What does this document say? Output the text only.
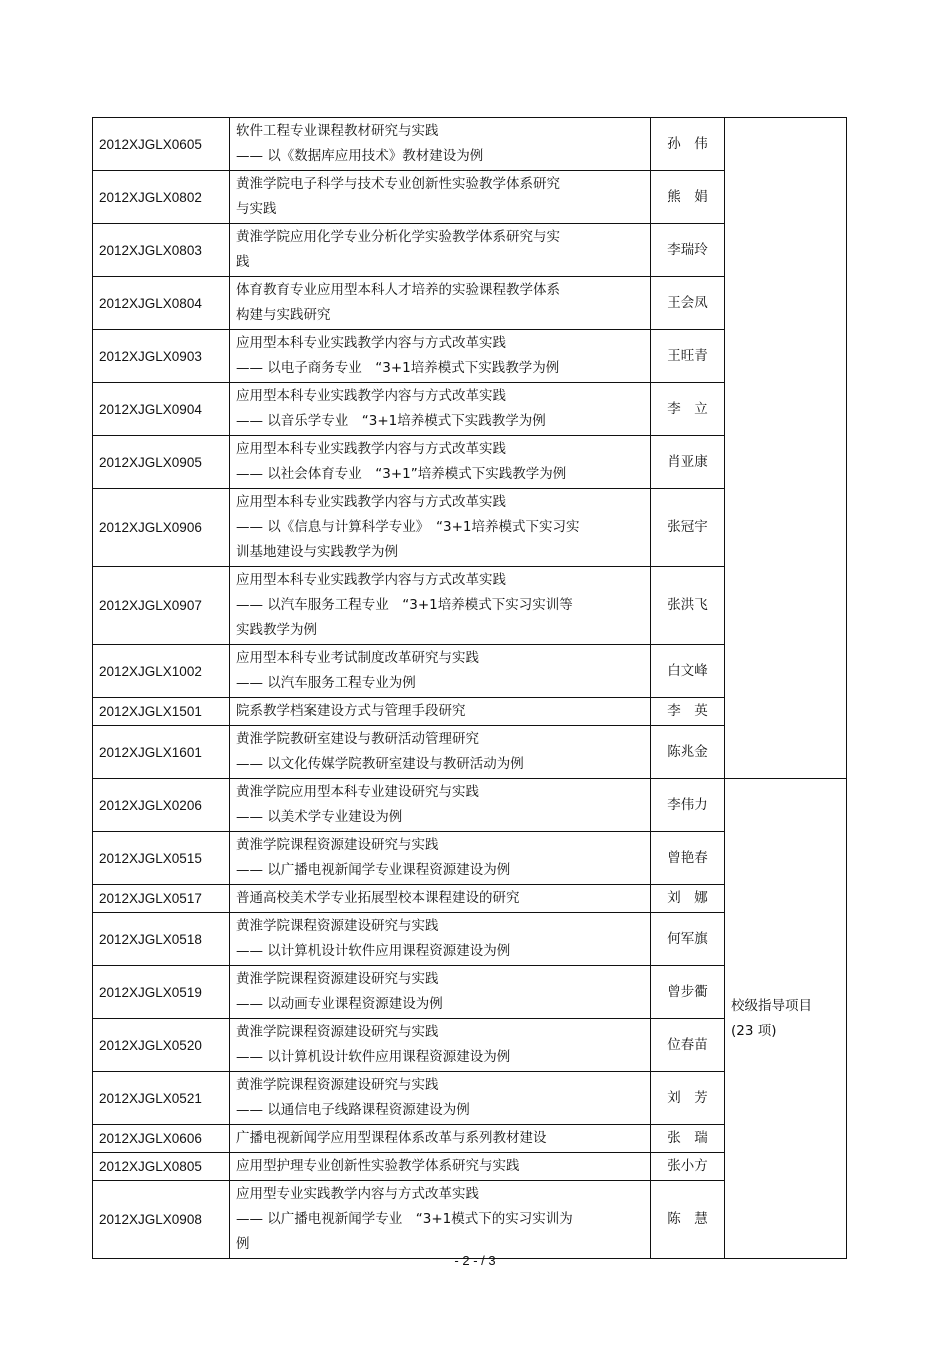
2012XJGLX0605	软件工程专业课程教材研究与实践
—— 以《数据库应用技术》教材建设为例	孙　伟	
2012XJGLX0802	黄淮学院电子科学与技术专业创新性实验教学体系研究
与实践	熊　娟	
2012XJGLX0803	黄淮学院应用化学专业分析化学实验教学体系研究与实
践	李瑞玲	
2012XJGLX0804	体育教育专业应用型本科人才培养的实验课程教学体系
构建与实践研究	王会凤	
2012XJGLX0903	应用型本科专业实践教学内容与方式改革实践
—— 以电子商务专业　“3+1培养模式下实践教学为例	王旺青	
2012XJGLX0904	应用型本科专业实践教学内容与方式改革实践
—— 以音乐学专业　“3+1培养模式下实践教学为例	李　立	
2012XJGLX0905	应用型本科专业实践教学内容与方式改革实践
—— 以社会体育专业　“3+1”培养模式下实践教学为例	肖亚康	
2012XJGLX0906	应用型本科专业实践教学内容与方式改革实践
—— 以《信息与计算科学专业》　“3+1培养模式下实习实
训基地建设与实践教学为例	张冠宇	
2012XJGLX0907	应用型本科专业实践教学内容与方式改革实践
—— 以汽车服务工程专业　“3+1培养模式下实习实训等
实践教学为例	张洪飞	
2012XJGLX1002	应用型本科专业考试制度改革研究与实践
—— 以汽车服务工程专业为例	白文峰	
2012XJGLX1501	院系教学档案建设方式与管理手段研究	李　英	
2012XJGLX1601	黄淮学院教研室建设与教研活动管理研究
—— 以文化传媒学院教研室建设与教研活动为例	陈兆金	
2012XJGLX0206	黄淮学院应用型本科专业建设研究与实践
—— 以美术学专业建设为例	李伟力	校级指导项目
(23 项)

2012XJGLX0515	黄淮学院课程资源建设研究与实践
—— 以广播电视新闻学专业课程资源建设为例	曾艳春	
2012XJGLX0517	普通高校美术学专业拓展型校本课程建设的研究	刘　娜	
2012XJGLX0518	黄淮学院课程资源建设研究与实践
—— 以计算机设计软件应用课程资源建设为例	何军旗	
2012XJGLX0519	黄淮学院课程资源建设研究与实践
—— 以动画专业课程资源建设为例	曾步衢	
2012XJGLX0520	黄淮学院课程资源建设研究与实践
—— 以计算机设计软件应用课程资源建设为例	位春苗	
2012XJGLX0521	黄淮学院课程资源建设研究与实践
—— 以通信电子线路课程资源建设为例	刘　芳	
2012XJGLX0606	广播电视新闻学应用型课程体系改革与系列教材建设	张　瑞	
2012XJGLX0805	应用型护理专业创新性实验教学体系研究与实践	张小方	
2012XJGLX0908	应用型专业实践教学内容与方式改革实践
—— 以广播电视新闻学专业　“3+1模式下的实习实训为
例	陈　慧	
- 2 - / 3
